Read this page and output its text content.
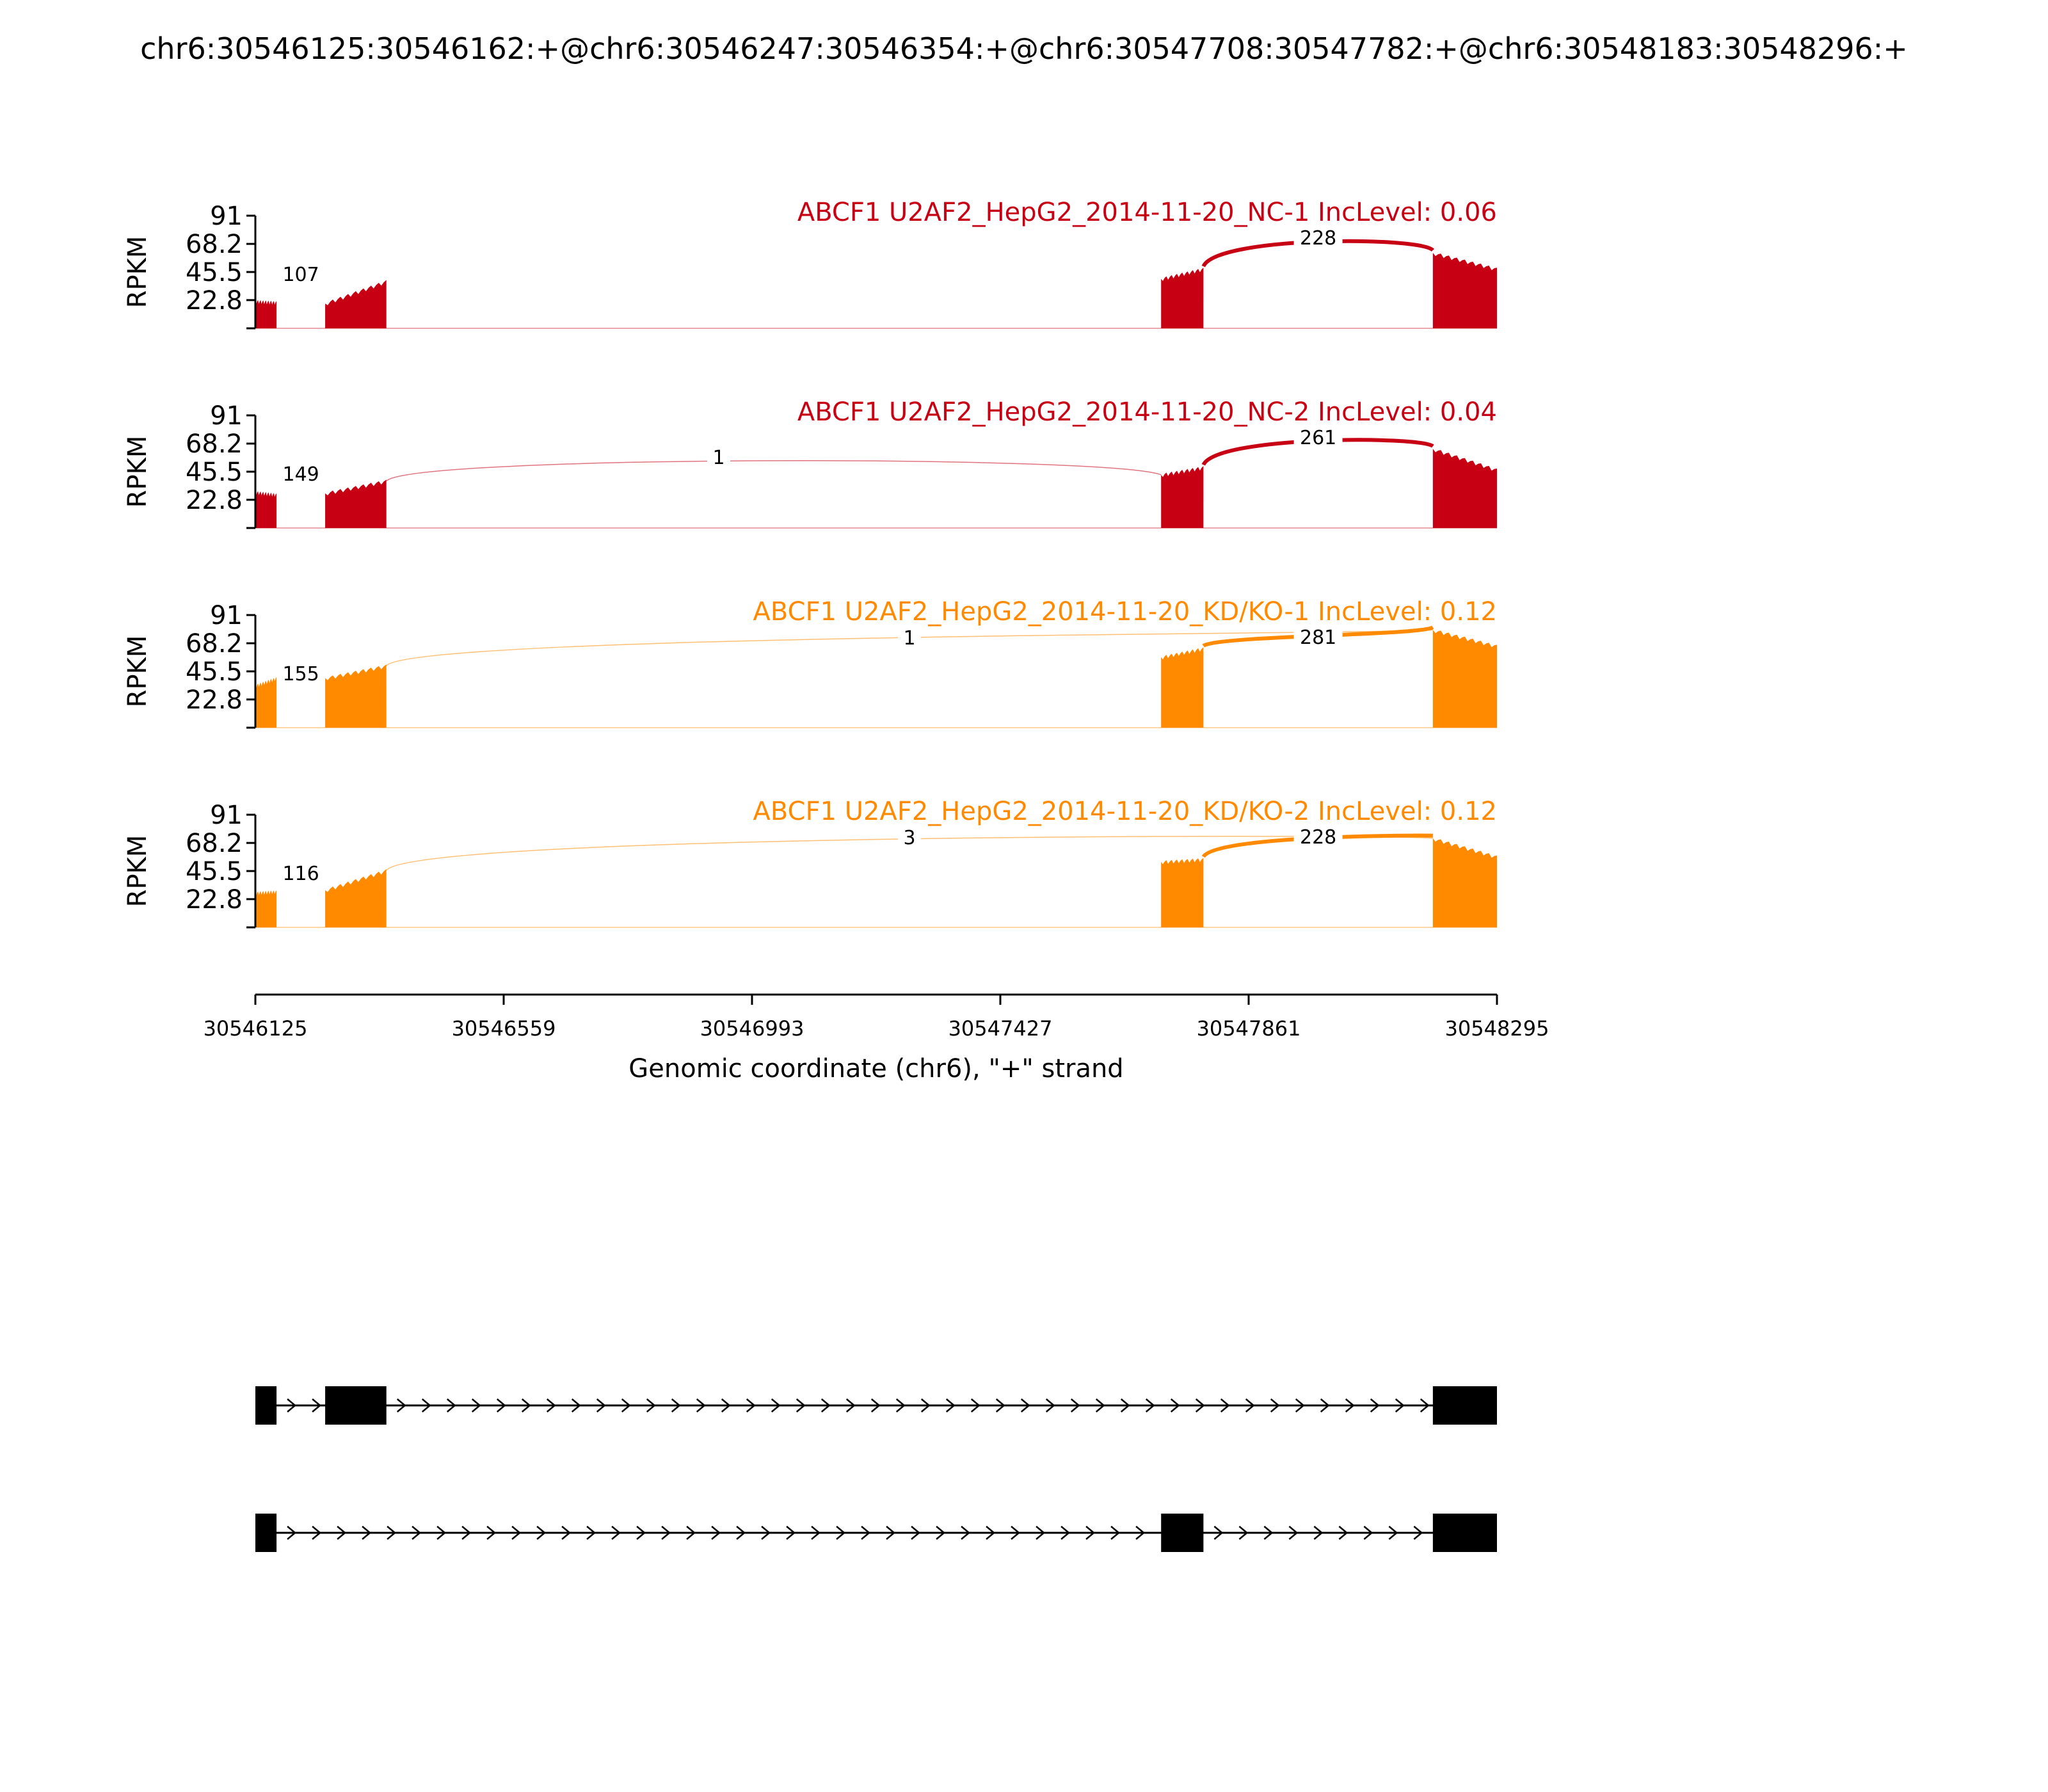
chr6:30546125:30546162:+@chr6:30546247:30546354:+@chr6:30547708:30547782:+@chr6:30548183:30548296:+
107
228
22.8
45.5
68.2
91
RPKM
ABCF1 U2AF2_HepG2_2014-11-20_NC-1 IncLevel: 0.06
149
1
261
22.8
45.5
68.2
91
RPKM
ABCF1 U2AF2_HepG2_2014-11-20_NC-2 IncLevel: 0.04
155
1	281
22.8
45.5
68.2
91
RPKM
ABCF1 U2AF2_HepG2_2014-11-20_KD/KO-1 IncLevel: 0.12
116
3	228
22.8
45.5
68.2
91
RPKM
ABCF1 U2AF2_HepG2_2014-11-20_KD/KO-2 IncLevel: 0.12
30546125	30546559	30546993	30547427	30547861	30548295
Genomic coordinate (chr6), "+" strand
